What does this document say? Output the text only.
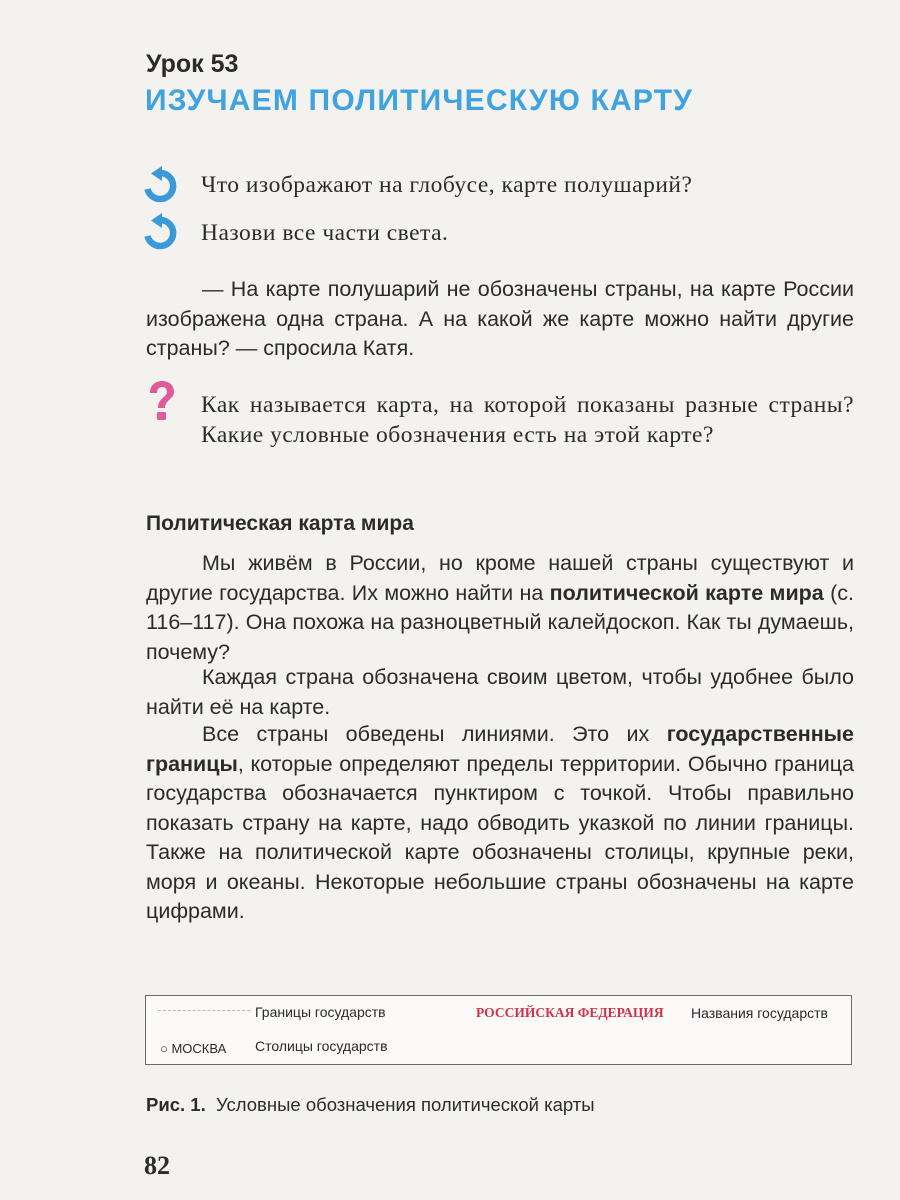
Урок 53
ИЗУЧАЕМ ПОЛИТИЧЕСКУЮ КАРТУ
Что изображают на глобусе, карте полушарий?
Назови все части света.
— На карте полушарий не обозначены страны, на карте России изображена одна страна. А на какой же карте можно найти другие страны? — спросила Катя.
Как называется карта, на которой показаны разные страны? Какие условные обозначения есть на этой карте?
Политическая карта мира
Мы живём в России, но кроме нашей страны существуют и другие государства. Их можно найти на политической карте мира (с. 116–117). Она похожа на разноцветный калейдоскоп. Как ты думаешь, почему?
Каждая страна обозначена своим цветом, чтобы удобнее было найти её на карте.
Все страны обведены линиями. Это их государственные границы, которые определяют пределы территории. Обычно граница государства обозначается пунктиром с точкой. Чтобы правильно показать страну на карте, надо обводить указкой по линии границы. Также на политической карте обозначены столицы, крупные реки, моря и океаны. Некоторые небольшие страны обозначены на карте цифрами.
Границы государств	РОССИЙСКАЯ ФЕДЕРАЦИЯ Названия государств
○ МОСКВА Столицы государств
Рис. 1. Условные обозначения политической карты
82
